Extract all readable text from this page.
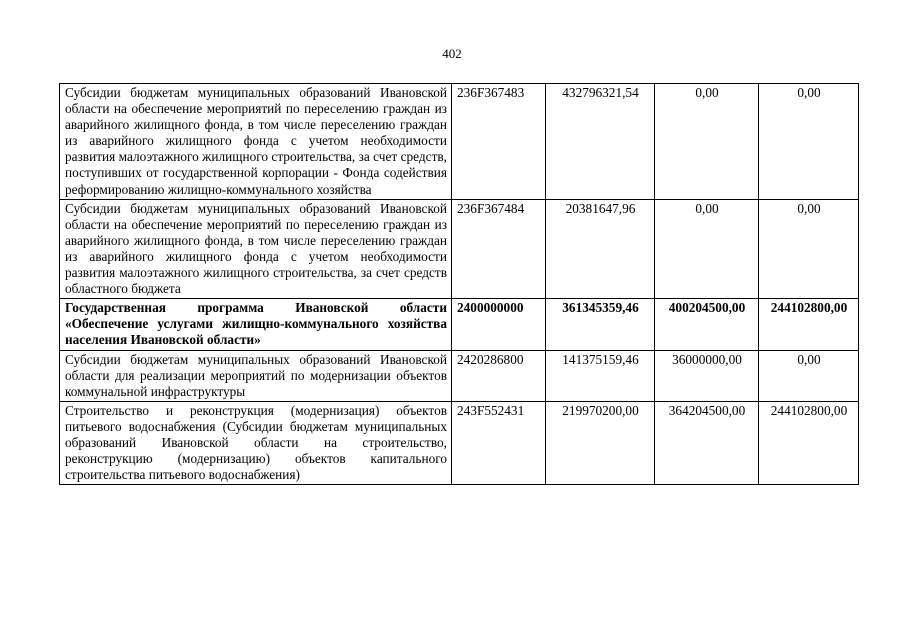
402
Субсидии бюджетам муниципальных образований Ивановской области на обеспечение мероприятий по переселению граждан из аварийного жилищного фонда, в том числе переселению граждан из аварийного жилищного фонда с учетом необходимости развития малоэтажного жилищного строительства, за счет средств, поступивших от государственной корпорации - Фонда содействия реформированию жилищно-коммунального хозяйства	236F367483	432796321,54	0,00	0,00
Субсидии бюджетам муниципальных образований Ивановской области на обеспечение мероприятий по переселению граждан из аварийного жилищного фонда, в том числе переселению граждан из аварийного жилищного фонда с учетом необходимости развития малоэтажного жилищного строительства, за счет средств областного бюджета	236F367484	20381647,96	0,00	0,00
Государственная программа Ивановской области «Обеспечение услугами жилищно-коммунального хозяйства населения Ивановской области»	2400000000	361345359,46	400204500,00	244102800,00
Субсидии бюджетам муниципальных образований Ивановской области для реализации мероприятий по модернизации объектов коммунальной инфраструктуры	2420286800	141375159,46	36000000,00	0,00
Строительство и реконструкция (модернизация) объектов питьевого водоснабжения (Субсидии бюджетам муниципальных образований Ивановской области на строительство, реконструкцию (модернизацию) объектов капитального строительства питьевого водоснабжения)	243F552431	219970200,00	364204500,00	244102800,00
